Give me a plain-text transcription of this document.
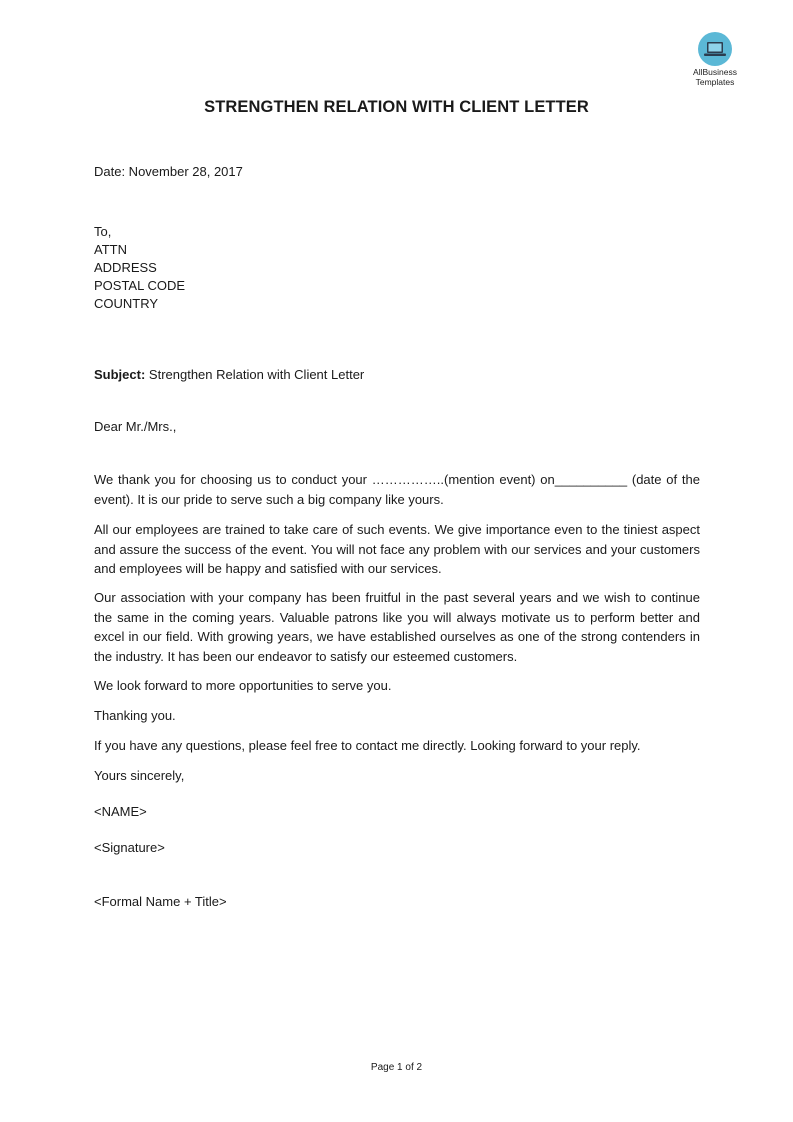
AllBusiness
Templates
STRENGTHEN RELATION WITH CLIENT LETTER
Date: November 28, 2017
To,
ATTN
ADDRESS
POSTAL CODE
COUNTRY
Subject: Strengthen Relation with Client Letter
Dear Mr./Mrs.,
We thank you for choosing us to conduct your ……………..(mention event) on__________ (date of the event). It is our pride to serve such a big company like yours.
All our employees are trained to take care of such events. We give importance even to the tiniest aspect and assure the success of the event. You will not face any problem with our services and your customers and employees will be happy and satisfied with our services.
Our association with your company has been fruitful in the past several years and we wish to continue the same in the coming years. Valuable patrons like you will always motivate us to perform better and excel in our field. With growing years, we have established ourselves as one of the strong contenders in the industry. It has been our endeavor to satisfy our esteemed customers.
We look forward to more opportunities to serve you.
Thanking you.
If you have any questions, please feel free to contact me directly. Looking forward to your reply.
Yours sincerely,
<NAME>
<Signature>
<Formal Name + Title>
Page 1 of 2
